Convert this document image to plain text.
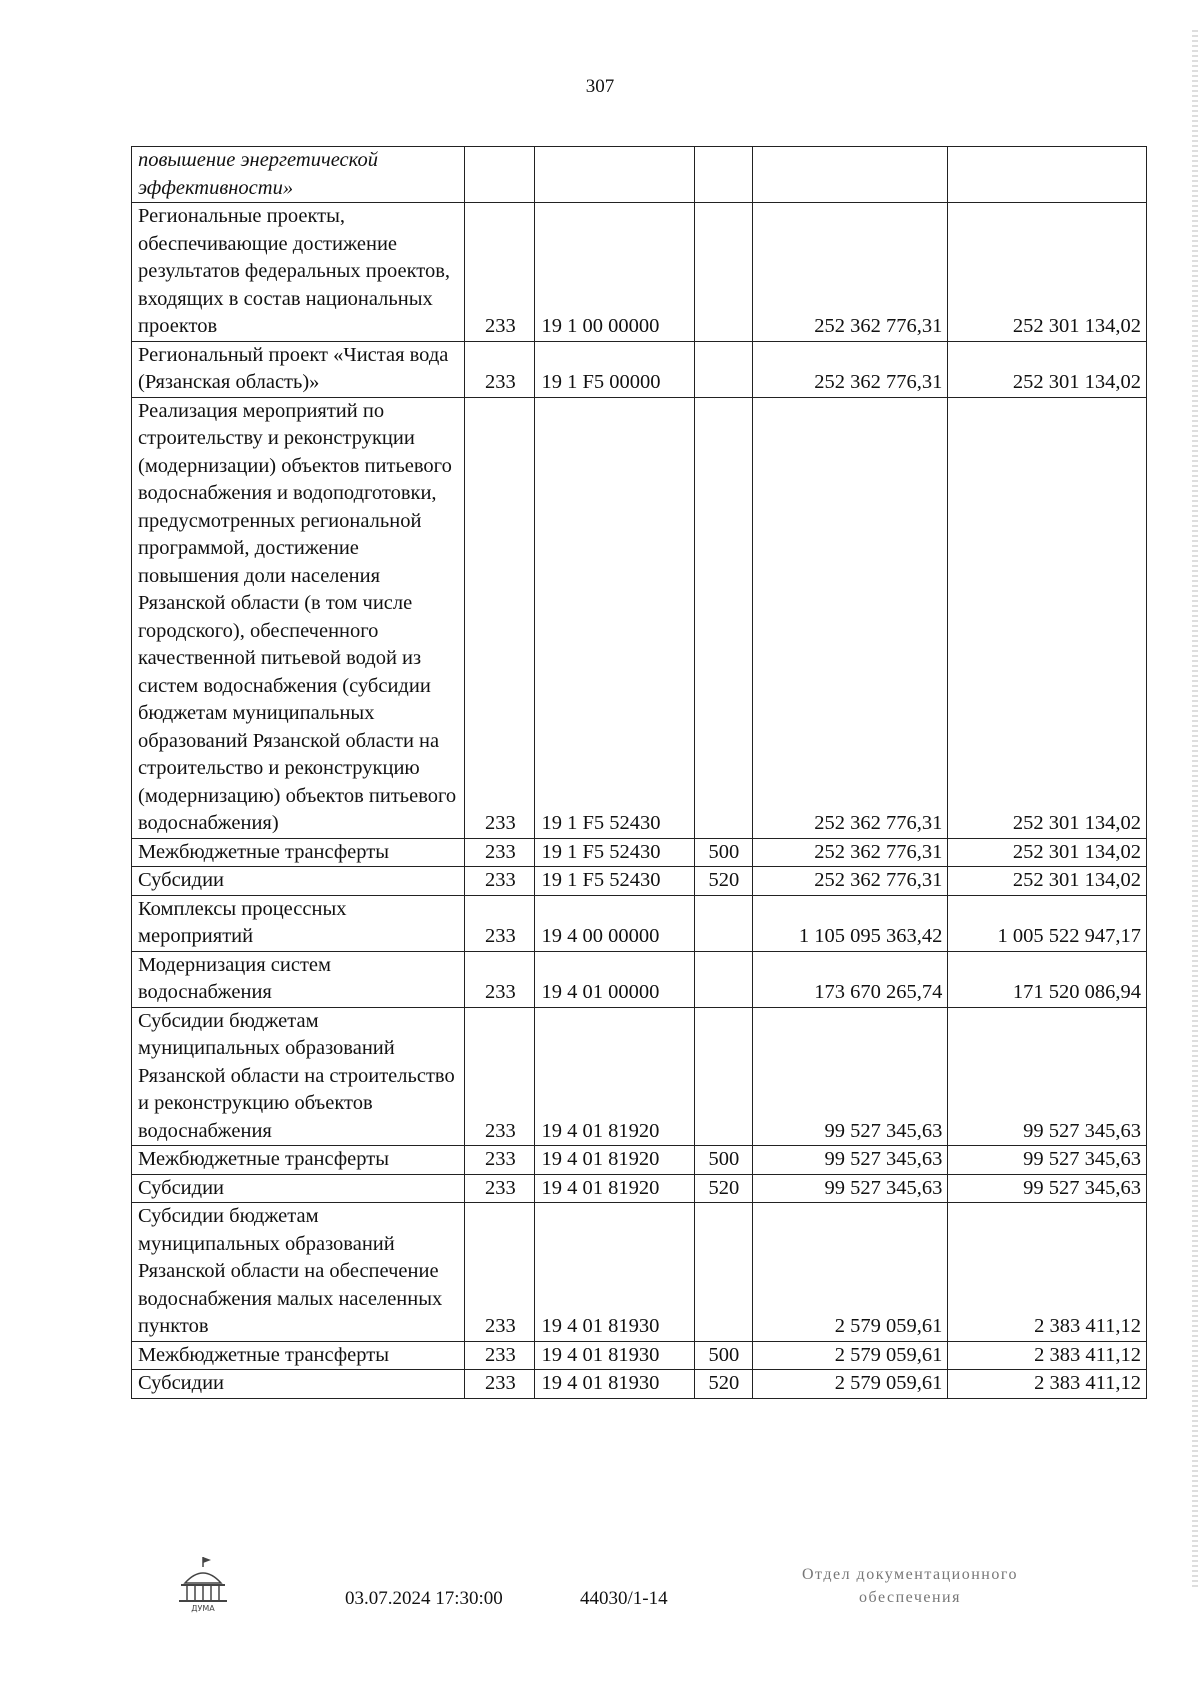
307
повышение энергетической эффективности»					
Региональные проекты, обеспечивающие достижение результатов федеральных проектов, входящих в состав национальных проектов	233	19 1 00 00000		252 362 776,31	252 301 134,02
Региональный проект «Чистая вода (Рязанская область)»	233	19 1 F5 00000		252 362 776,31	252 301 134,02
Реализация мероприятий по строительству и реконструкции (модернизации) объектов питьевого водоснабжения и водоподготовки, предусмотренных региональной программой, достижение повышения доли населения Рязанской области (в том числе городского), обеспеченного качественной питьевой водой из систем водоснабжения (субсидии бюджетам муниципальных образований Рязанской области на строительство и реконструкцию (модернизацию) объектов питьевого водоснабжения)	233	19 1 F5 52430		252 362 776,31	252 301 134,02
Межбюджетные трансферты	233	19 1 F5 52430	500	252 362 776,31	252 301 134,02
Субсидии	233	19 1 F5 52430	520	252 362 776,31	252 301 134,02
Комплексы процессных мероприятий	233	19 4 00 00000		1 105 095 363,42	1 005 522 947,17
Модернизация систем водоснабжения	233	19 4 01 00000		173 670 265,74	171 520 086,94
Субсидии бюджетам муниципальных образований Рязанской области на строительство и реконструкцию объектов водоснабжения	233	19 4 01 81920		99 527 345,63	99 527 345,63
Межбюджетные трансферты	233	19 4 01 81920	500	99 527 345,63	99 527 345,63
Субсидии	233	19 4 01 81920	520	99 527 345,63	99 527 345,63
Субсидии бюджетам муниципальных образований Рязанской области на обеспечение водоснабжения малых населенных пунктов	233	19 4 01 81930		2 579 059,61	2 383 411,12
Межбюджетные трансферты	233	19 4 01 81930	500	2 579 059,61	2 383 411,12
Субсидии	233	19 4 01 81930	520	2 579 059,61	2 383 411,12
ДУМА	03.07.2024 17:30:00	44030/1-14
Отдел документационного
обеспечения
